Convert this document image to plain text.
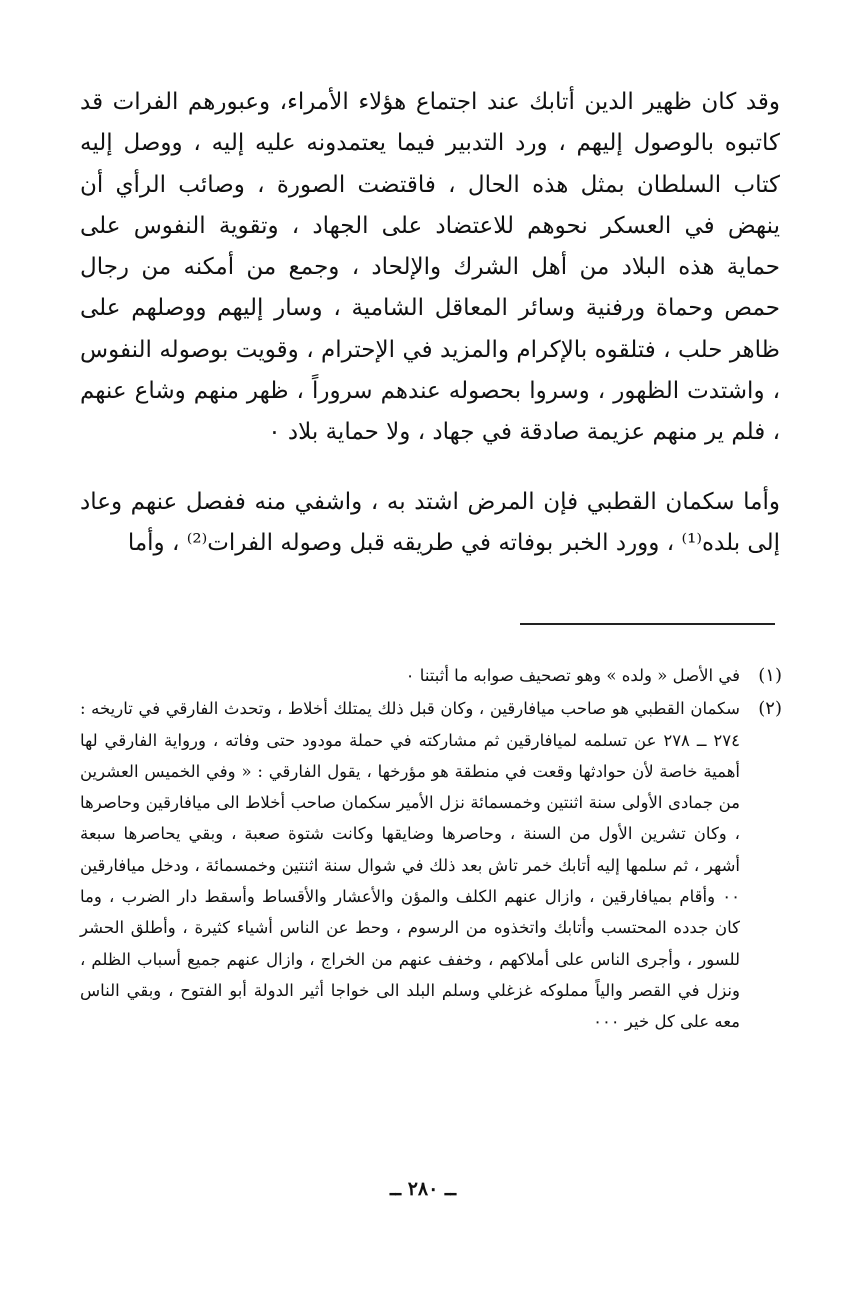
وقد كان ظهير الدين أتابك عند اجتماع هؤلاء الأمراء، وعبورهم الفرات قد كاتبوه بالوصول إليهم ، ورد التدبير فيما يعتمدونه عليه إليه ، ووصل إليه كتاب السلطان بمثل هذه الحال ، فاقتضت الصورة ، وصائب الرأي أن ينهض في العسكر نحوهم للاعتضاد على الجهاد ، وتقوية النفوس على حماية هذه البلاد من أهل الشرك والإلحاد ، وجمع من أمكنه من رجال حمص وحماة ورفنية وسائر المعاقل الشامية ، وسار إليهم ووصلهم على ظاهر حلب ، فتلقوه بالإكرام والمزيد في الإحترام ، وقويت بوصوله النفوس ، واشتدت الظهور ، وسروا بحصوله عندهم سروراً ، ظهر منهم وشاع عنهم ، فلم ير منهم عزيمة صادقة في جهاد ، ولا حماية بلاد ٠

وأما سكمان القطبي فإن المرض اشتد به ، واشفي منه ففصل عنهم وعاد إلى بلده⁽¹⁾ ، وورد الخبر بوفاته في طريقه قبل وصوله الفرات⁽²⁾ ، وأما

(١)
في الأصل « ولده » وهو تصحيف صوابه ما أثبتنا ٠
(٢)
سكمان القطبي هو صاحب ميافارقين ، وكان قبل ذلك يمتلك أخلاط ، وتحدث الفارقي في تاريخه : ٢٧٤ ــ ٢٧٨ عن تسلمه لميافارقين ثم مشاركته في حملة مودود حتى وفاته ، ورواية الفارقي لها أهمية خاصة لأن حوادثها وقعت في منطقة هو مؤرخها ، يقول الفارقي : « وفي الخميس العشرين من جمادى الأولى سنة اثنتين وخمسمائة نزل الأمير سكمان صاحب أخلاط الى ميافارقين وحاصرها ، وكان تشرين الأول من السنة ، وحاصرها وضايقها وكانت شتوة صعبة ، وبقي يحاصرها سبعة أشهر ، ثم سلمها إليه أتابك خمر تاش بعد ذلك في شوال سنة اثنتين وخمسمائة ، ودخل ميافارقين ٠٠ وأقام بميافارقين ، وازال عنهم الكلف والمؤن والأعشار والأقساط وأسقط دار الضرب ، وما كان جدده المحتسب وأتابك واتخذوه من الرسوم ، وحط عن الناس أشياء كثيرة ، وأطلق الحشر للسور ، وأجرى الناس على أملاكهم ، وخفف عنهم من الخراج ، وازال عنهم جميع أسباب الظلم ، ونزل في القصر والياً مملوكه غزغلي وسلم البلد الى خواجا أثير الدولة أبو الفتوح ، وبقي الناس معه على كل خير ٠٠٠
ــ ٢٨٠ ــ
